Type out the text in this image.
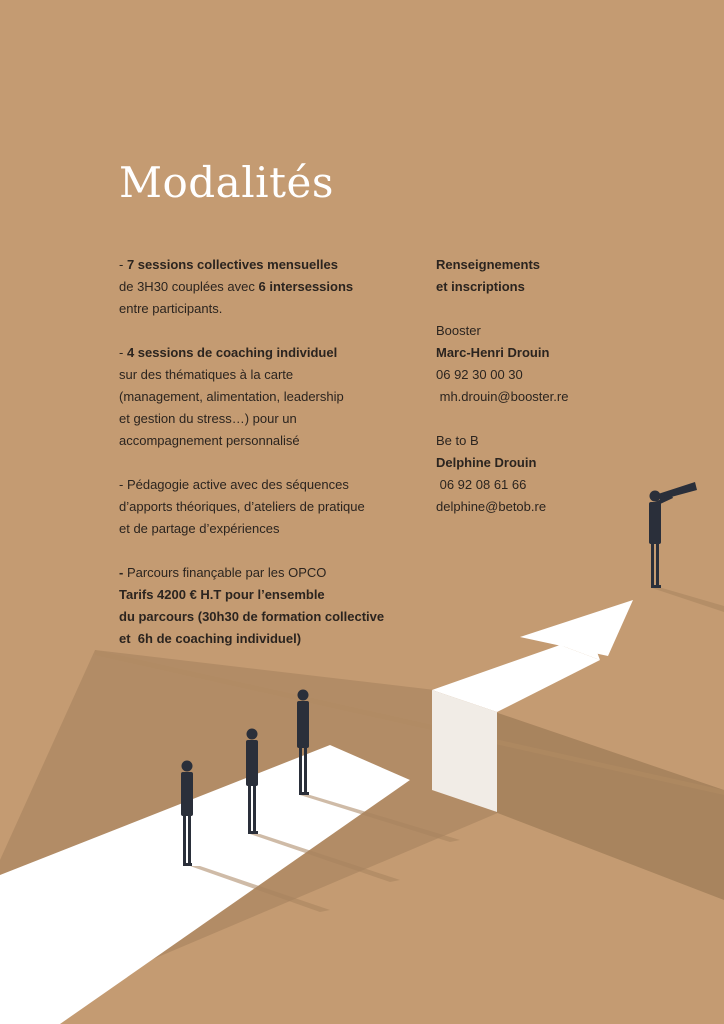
Modalités
- 7 sessions collectives mensuelles
de 3H30 couplées avec 6 intersessions
entre participants.
- 4 sessions de coaching individuel
sur des thématiques à la carte
(management, alimentation, leadership
et gestion du stress…) pour un
accompagnement personnalisé
- Pédagogie active avec des séquences
d’apports théoriques, d’ateliers de pratique
et de partage d’expériences
- Parcours finançable par les OPCO
Tarifs 4200 € H.T pour l’ensemble
du parcours (30h30 de formation collective
et  6h de coaching individuel)
Renseignements
et inscriptions
Booster
Marc-Henri Drouin
06 92 30 00 30
mh.drouin@booster.re
Be to B
Delphine Drouin
06 92 08 61 66
delphine@betob.re
